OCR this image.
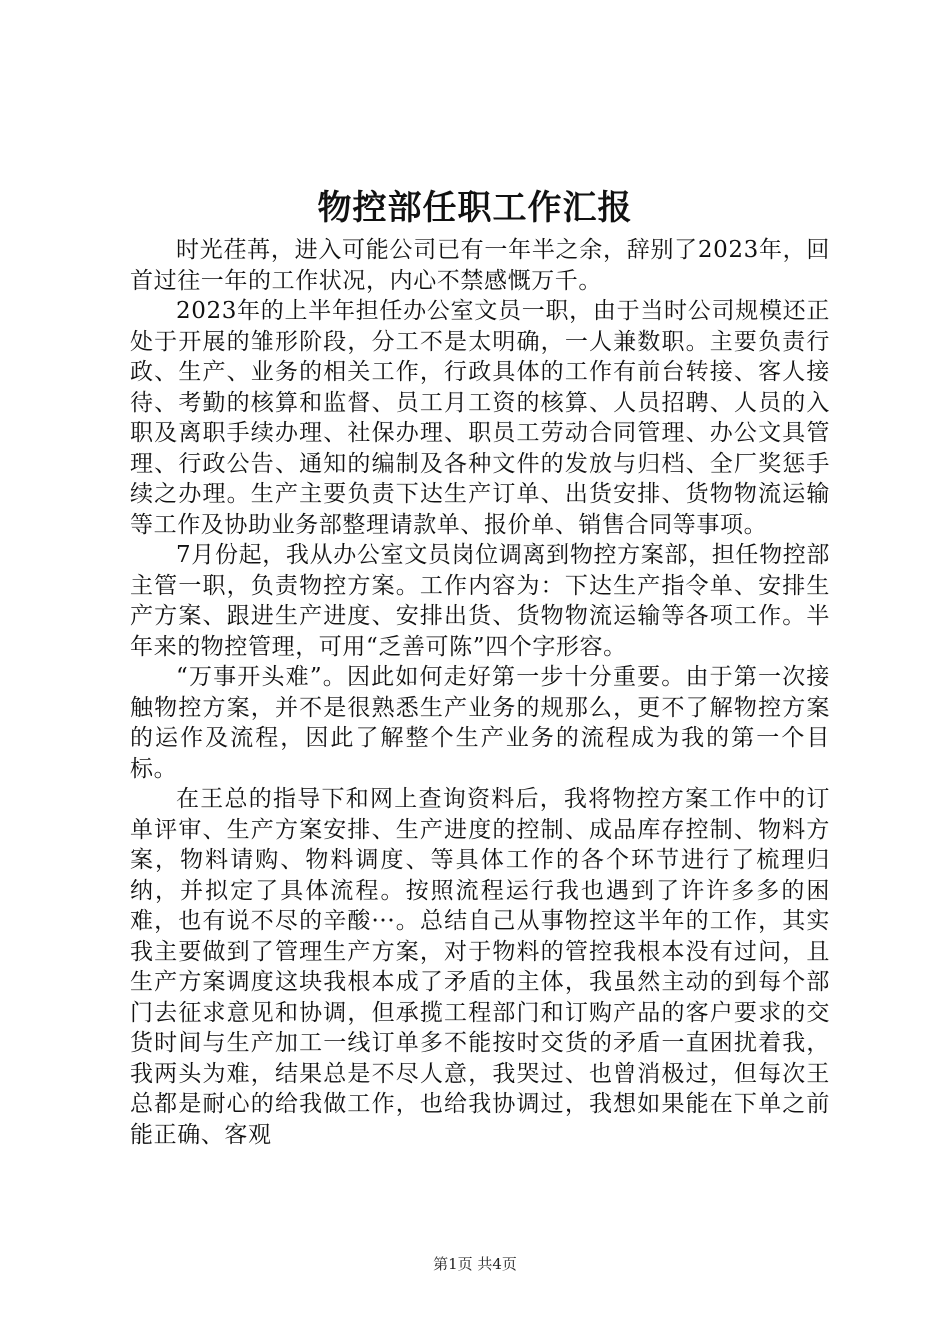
物控部任职工作汇报

时光荏苒，进入可能公司已有一年半之余，辞别了2023年，回首过往一年的工作状况，内心不禁感慨万千。

2023年的上半年担任办公室文员一职，由于当时公司规模还正处于开展的雏形阶段，分工不是太明确，一人兼数职。主要负责行政、生产、业务的相关工作，行政具体的工作有前台转接、客人接待、考勤的核算和监督、员工月工资的核算、人员招聘、人员的入职及离职手续办理、社保办理、职员工劳动合同管理、办公文具管理、行政公告、通知的编制及各种文件的发放与归档、全厂奖惩手续之办理。生产主要负责下达生产订单、出货安排、货物物流运输等工作及协助业务部整理请款单、报价单、销售合同等事项。

7月份起，我从办公室文员岗位调离到物控方案部，担任物控部主管一职，负责物控方案。工作内容为：下达生产指令单、安排生产方案、跟进生产进度、安排出货、货物物流运输等各项工作。半年来的物控管理，可用“乏善可陈”四个字形容。

“万事开头难”。因此如何走好第一步十分重要。由于第一次接触物控方案，并不是很熟悉生产业务的规那么，更不了解物控方案的运作及流程，因此了解整个生产业务的流程成为我的第一个目标。

在王总的指导下和网上查询资料后，我将物控方案工作中的订单评审、生产方案安排、生产进度的控制、成品库存控制、物料方案，物料请购、物料调度、等具体工作的各个环节进行了梳理归纳，并拟定了具体流程。按照流程运行我也遇到了许许多多的困难，也有说不尽的辛酸···。总结自己从事物控这半年的工作，其实我主要做到了管理生产方案，对于物料的管控我根本没有过问，且生产方案调度这块我根本成了矛盾的主体，我虽然主动的到每个部门去征求意见和协调，但承揽工程部门和订购产品的客户要求的交货时间与生产加工一线订单多不能按时交货的矛盾一直困扰着我，我两头为难，结果总是不尽人意，我哭过、也曾消极过，但每次王总都是耐心的给我做工作，也给我协调过，我想如果能在下单之前能正确、客观

第1页 共4页
